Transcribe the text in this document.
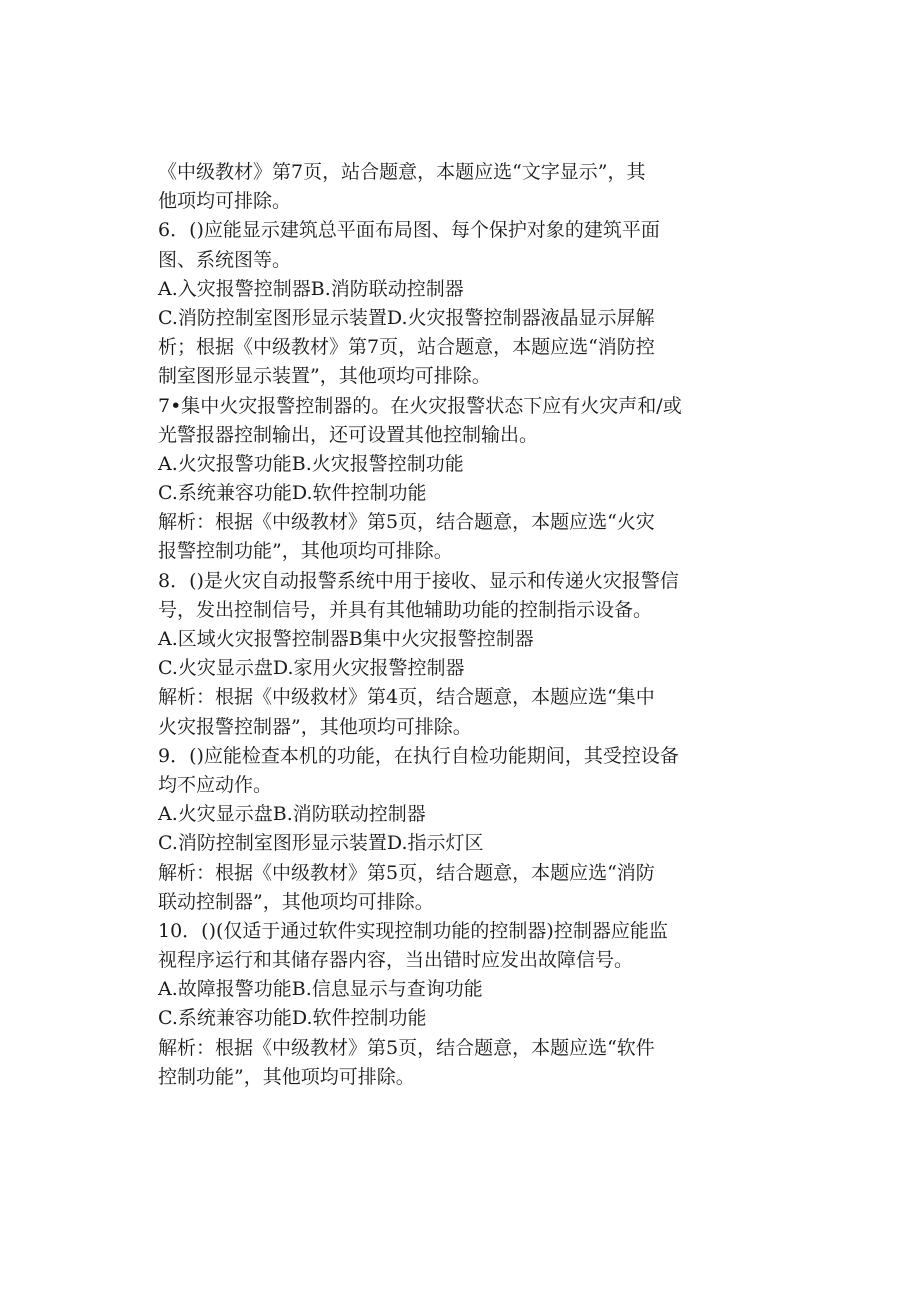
《中级教材》第7页，站合题意，本题应选“文字显示”，其
他项均可排除。
6．()应能显示建筑总平面布局图、每个保护对象的建筑平面
图、系统图等。
A.入灾报警控制器B.消防联动控制器
C.消防控制室图形显示装置D.火灾报警控制器液晶显示屏解
析；根据《中级教材》第7页，站合题意，本题应选“消防控
制室图形显示装置”，其他项均可排除。
7•集中火灾报警控制器的。在火灾报警状态下应有火灾声和/或
光警报器控制输出，还可设置其他控制输出。
A.火灾报警功能B.火灾报警控制功能
C.系统兼容功能D.软件控制功能
解析：根据《中级教材》第5页，结合题意，本题应选“火灾
报警控制功能”，其他项均可排除。
8．()是火灾自动报警系统中用于接收、显示和传递火灾报警信
号，发出控制信号，并具有其他辅助功能的控制指示设备。
A.区域火灾报警控制器B集中火灾报警控制器
C.火灾显示盘D.家用火灾报警控制器
解析：根据《中级救材》第4页，结合题意，本题应选“集中
火灾报警控制器”，其他项均可排除。
9．()应能检查本机的功能，在执行自检功能期间，其受控设备
均不应动作。
A.火灾显示盘B.消防联动控制器
C.消防控制室图形显示装置D.指示灯区
解析：根据《中级教材》第5页，结合题意，本题应选“消防
联动控制器”，其他项均可排除。
10．()(仅适于通过软件实现控制功能的控制器)控制器应能监
视程序运行和其储存器内容，当出错时应发出故障信号。
A.故障报警功能B.信息显示与查询功能
C.系统兼容功能D.软件控制功能
解析：根据《中级教材》第5页，结合题意，本题应选“软件
控制功能”，其他项均可排除。
